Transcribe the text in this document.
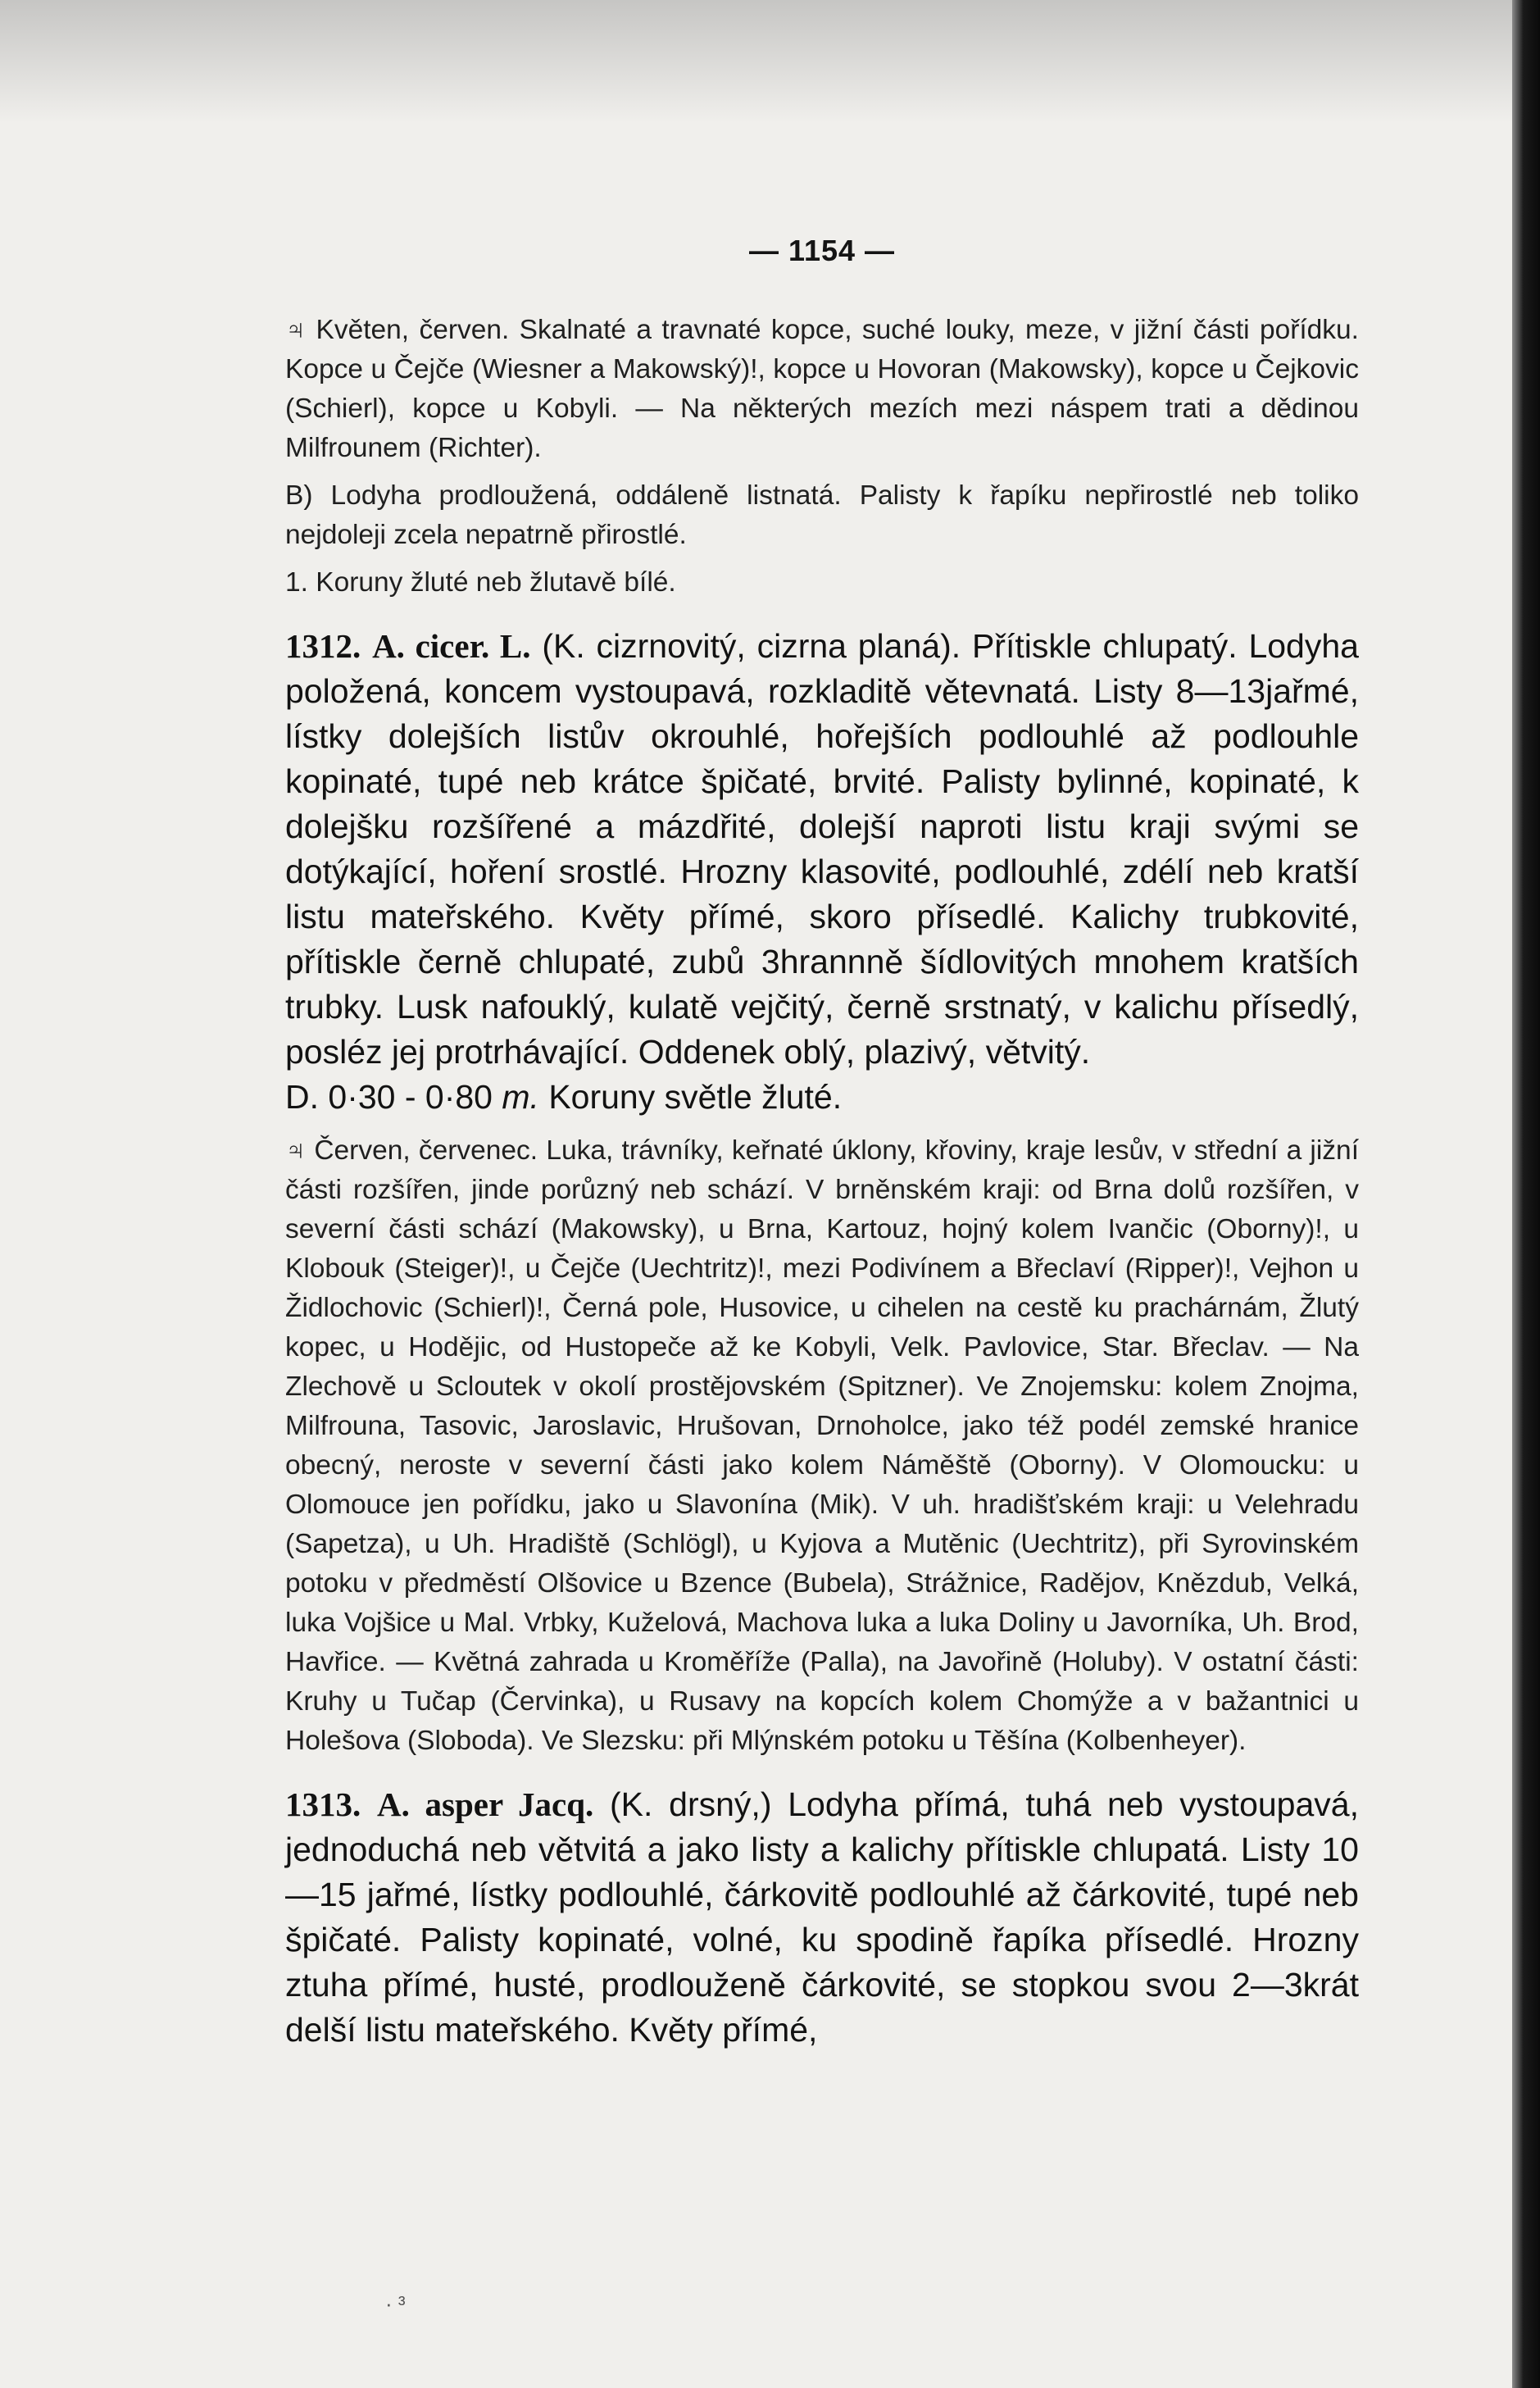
— 1154 —

♃ Květen, červen. Skalnaté a travnaté kopce, suché louky, meze, v jižní části pořídku. Kopce u Čejče (Wiesner a Makowský)!, kopce u Hovoran (Makowsky), kopce u Čejkovic (Schierl), kopce u Kobyli. — Na některých mezích mezi náspem trati a dědinou Milfrounem (Richter).

B) Lodyha prodloužená, oddáleně listnatá. Palisty k řapíku nepřirostlé neb toliko nejdoleji zcela nepatrně přirostlé.

1. Koruny žluté neb žlutavě bílé.

1312. A. cicer. L. (K. cizrnovitý, cizrna planá). Přítiskle chlupatý. Lodyha položená, koncem vystoupavá, rozkladitě větevnatá. Listy 8—13jařmé, lístky dolejších listův okrouhlé, hořejších podlouhlé až podlouhle kopinaté, tupé neb krátce špičaté, brvité. Palisty bylinné, kopinaté, k dolejšku rozšířené a mázdřité, dolejší naproti listu kraji svými se dotýkající, hoření srostlé. Hrozny klasovité, podlouhlé, zdélí neb kratší listu mateřského. Květy přímé, skoro přísedlé. Kalichy trubkovité, přítiskle černě chlupaté, zubů 3hrannně šídlovitých mnohem kratších trubky. Lusk nafouklý, kulatě vejčitý, černě srstnatý, v kalichu přísedlý, posléz jej protrhávající. Oddenek oblý, plazivý, větvitý.
D. 0·30 - 0·80 m. Koruny světle žluté.

♃ Červen, červenec. Luka, trávníky, keřnaté úklony, křoviny, kraje lesův, v střední a jižní části rozšířen, jinde porůzný neb schází. V brněnském kraji: od Brna dolů rozšířen, v severní části schází (Makowsky), u Brna, Kartouz, hojný kolem Ivančic (Oborny)!, u Klobouk (Steiger)!, u Čejče (Uechtritz)!, mezi Podivínem a Břeclaví (Ripper)!, Vejhon u Židlochovic (Schierl)!, Černá pole, Husovice, u cihelen na cestě ku prachárnám, Žlutý kopec, u Hodějic, od Hustopeče až ke Kobyli, Velk. Pavlovice, Star. Břeclav. — Na Zlechově u Scloutek v okolí prostějovském (Spitzner). Ve Znojemsku: kolem Znojma, Milfrouna, Tasovic, Jaroslavic, Hrušovan, Drnoholce, jako též podél zemské hranice obecný, neroste v severní části jako kolem Náměště (Oborny). V Olomoucku: u Olomouce jen pořídku, jako u Slavonína (Mik). V uh. hradišťském kraji: u Velehradu (Sapetza), u Uh. Hradiště (Schlögl), u Kyjova a Mutěnic (Uechtritz), při Syrovinském potoku v předměstí Olšovice u Bzence (Bubela), Strážnice, Radějov, Knězdub, Velká, luka Vojšice u Mal. Vrbky, Kuželová, Machova luka a luka Doliny u Javorníka, Uh. Brod, Havřice. — Květná zahrada u Kroměříže (Palla), na Javořině (Holuby). V ostatní části: Kruhy u Tučap (Červinka), u Rusavy na kopcích kolem Chomýže a v bažantnici u Holešova (Sloboda). Ve Slezsku: při Mlýnském potoku u Těšína (Kolbenheyer).

1313. A. asper Jacq. (K. drsný,) Lodyha přímá, tuhá neb vystoupavá, jednoduchá neb větvitá a jako listy a kalichy přítiskle chlupatá. Listy 10—15 jařmé, lístky podlouhlé, čárkovitě podlouhlé až čárkovité, tupé neb špičaté. Palisty kopinaté, volné, ku spodině řapíka přísedlé. Hrozny ztuha přímé, husté, prodlouženě čárkovité, se stopkou svou 2—3krát delší listu mateřského. Květy přímé,

· ³
